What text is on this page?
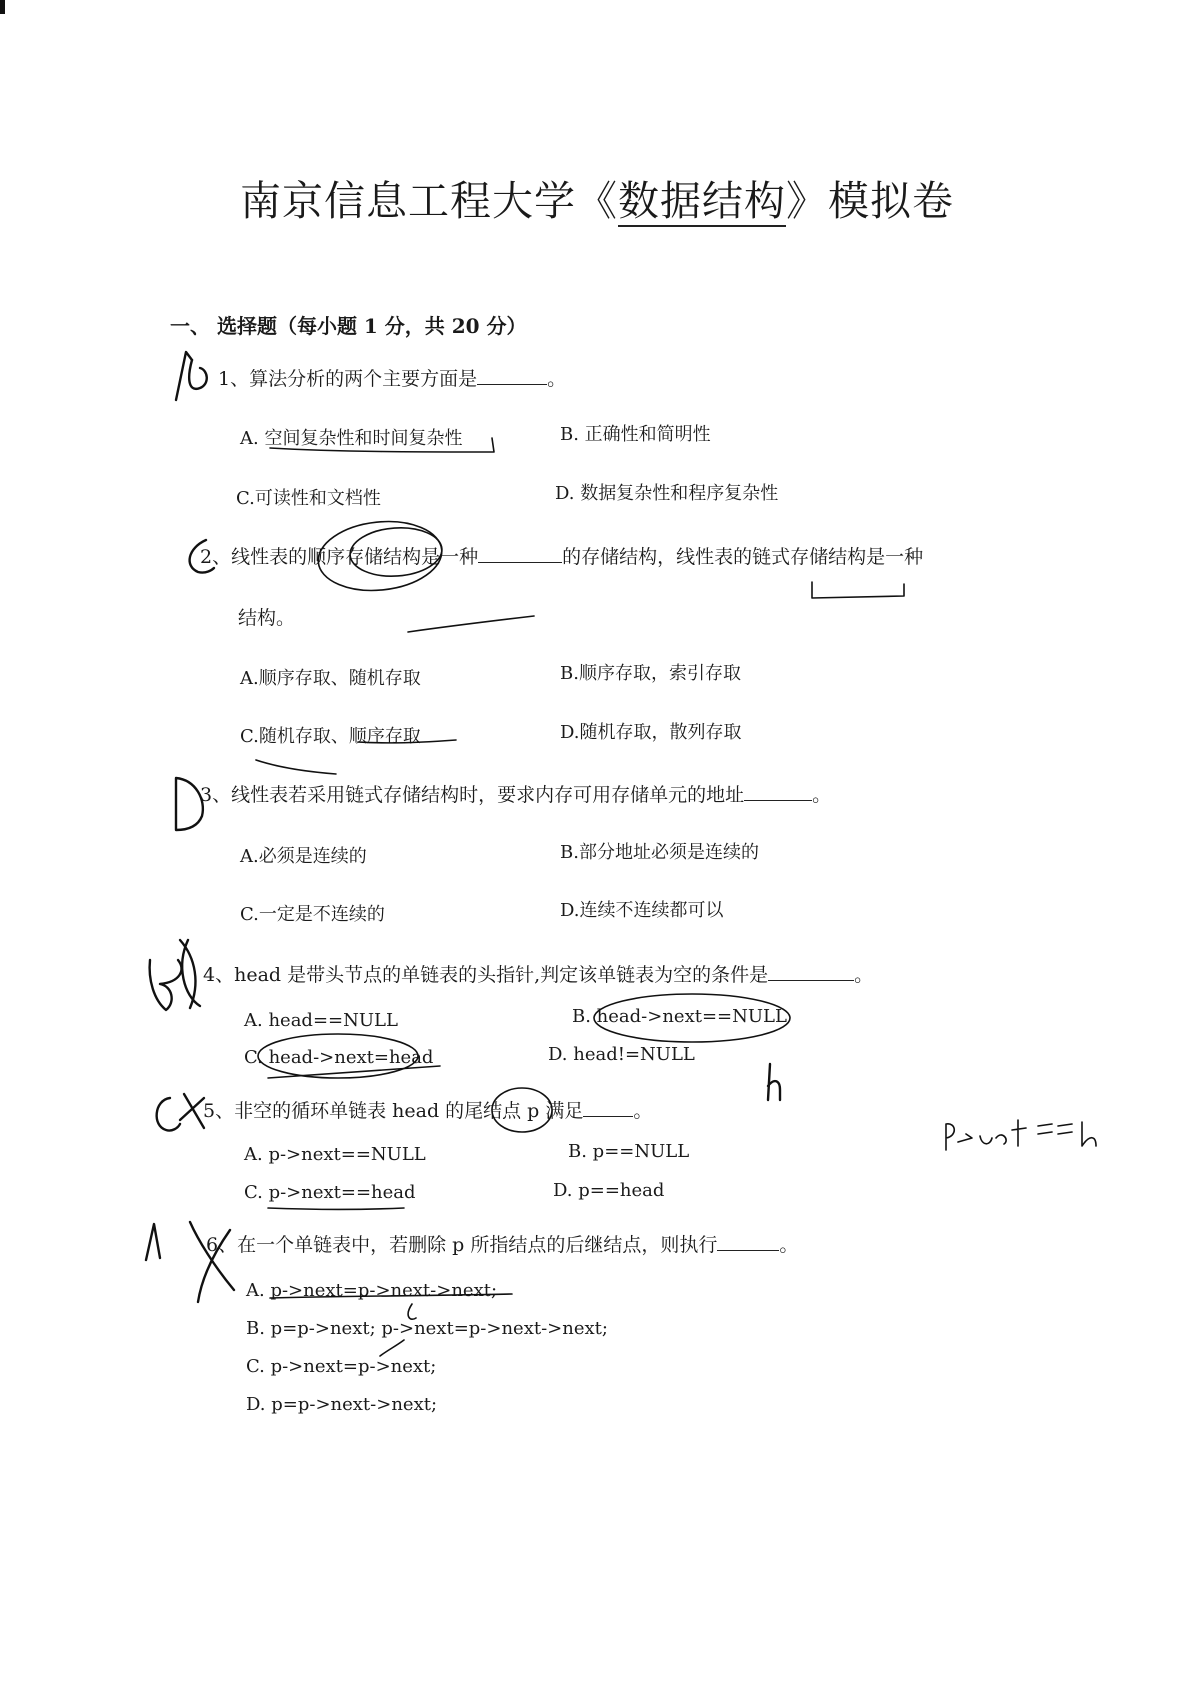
南京信息工程大学《数据结构》模拟卷
一、 选择题（每小题 1 分，共 20 分）
1、算法分析的两个主要方面是	。
A. 空间复杂性和时间复杂性	B. 正确性和简明性
C.可读性和文档性	D. 数据复杂性和程序复杂性
2、线性表的顺序存储结构是一种	的存储结构，线性表的链式存储结构是一种
结构。
A.顺序存取、随机存取	B.顺序存取，索引存取
C.随机存取、顺序存取	D.随机存取，散列存取
3、线性表若采用链式存储结构时，要求内存可用存储单元的地址	。
A.必须是连续的	B.部分地址必须是连续的
C.一定是不连续的	D.连续不连续都可以
4、head 是带头节点的单链表的头指针,判定该单链表为空的条件是	。
A. head==NULL	B. head->next==NULL
C. head->next=head	D. head!=NULL
5、非空的循环单链表 head 的尾结点 p 满足	。
A. p->next==NULL	B. p==NULL
C. p->next==head	D. p==head
6、在一个单链表中，若删除 p 所指结点的后继结点，则执行	。
A. p->next=p->next->next;
B. p=p->next; p->next=p->next->next;
C. p->next=p->next;
D. p=p->next->next;
